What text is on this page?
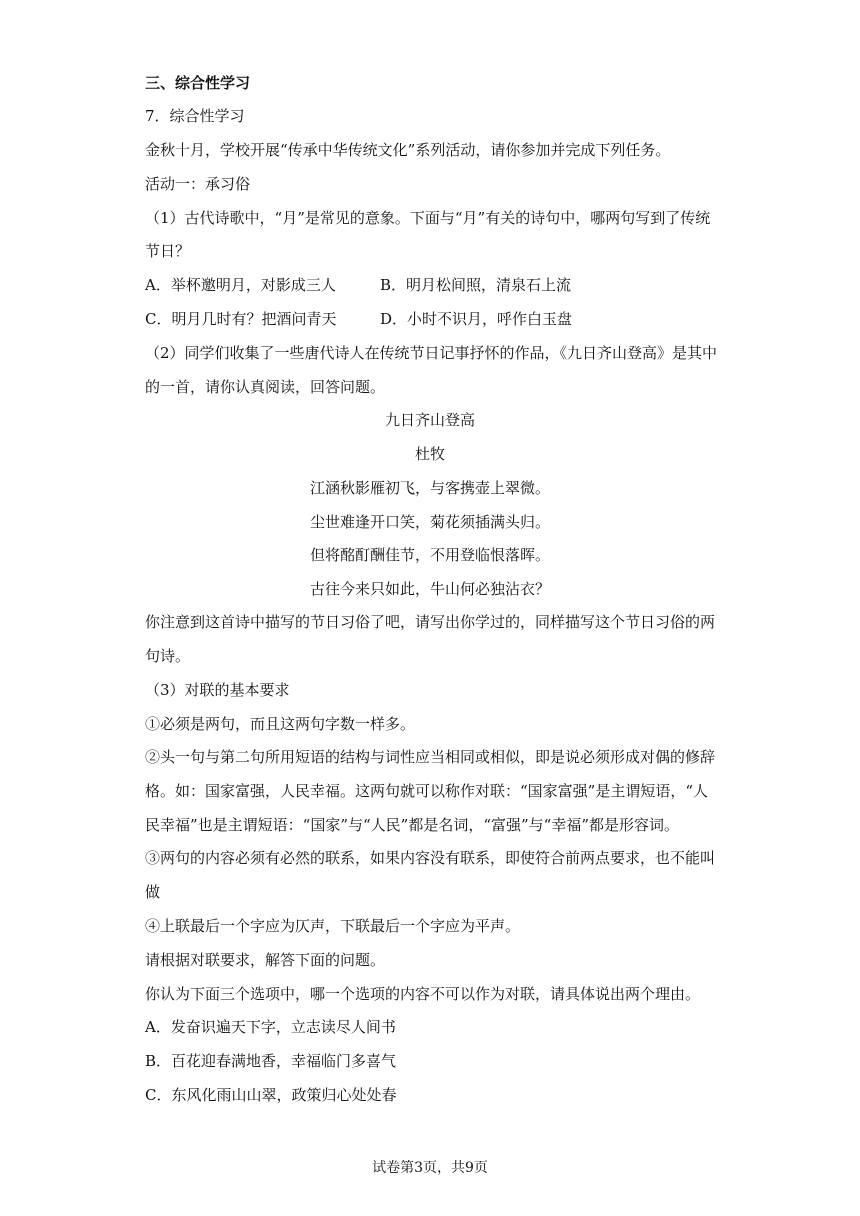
三、综合性学习
7．综合性学习
金秋十月，学校开展“传承中华传统文化”系列活动，请你参加并完成下列任务。
活动一：承习俗
（1）古代诗歌中，“月”是常见的意象。下面与“月”有关的诗句中，哪两句写到了传统
节日？
A．举杯邀明月，对影成三人	B．明月松间照，清泉石上流
C．明月几时有？把酒问青天	D．小时不识月，呼作白玉盘
（2）同学们收集了一些唐代诗人在传统节日记事抒怀的作品，《九日齐山登高》是其中
的一首，请你认真阅读，回答问题。
九日齐山登高
杜牧
江涵秋影雁初飞，与客携壶上翠微。
尘世难逢开口笑，菊花须插满头归。
但将酩酊酬佳节，不用登临恨落晖。
古往今来只如此，牛山何必独沾衣？
你注意到这首诗中描写的节日习俗了吧，请写出你学过的，同样描写这个节日习俗的两
句诗。
（3）对联的基本要求
①必须是两句，而且这两句字数一样多。
②头一句与第二句所用短语的结构与词性应当相同或相似，即是说必须形成对偶的修辞
格。如：国家富强，人民幸福。这两句就可以称作对联：“国家富强”是主谓短语，“人
民幸福”也是主谓短语：“国家”与“人民”都是名词，“富强”与“幸福”都是形容词。
③两句的内容必须有必然的联系，如果内容没有联系，即使符合前两点要求，也不能叫
做
④上联最后一个字应为仄声，下联最后一个字应为平声。
请根据对联要求，解答下面的问题。
你认为下面三个选项中，哪一个选项的内容不可以作为对联，请具体说出两个理由。
A．发奋识遍天下字，立志读尽人间书
B．百花迎春满地香，幸福临门多喜气
C．东风化雨山山翠，政策归心处处春
试卷第3页，共9页
